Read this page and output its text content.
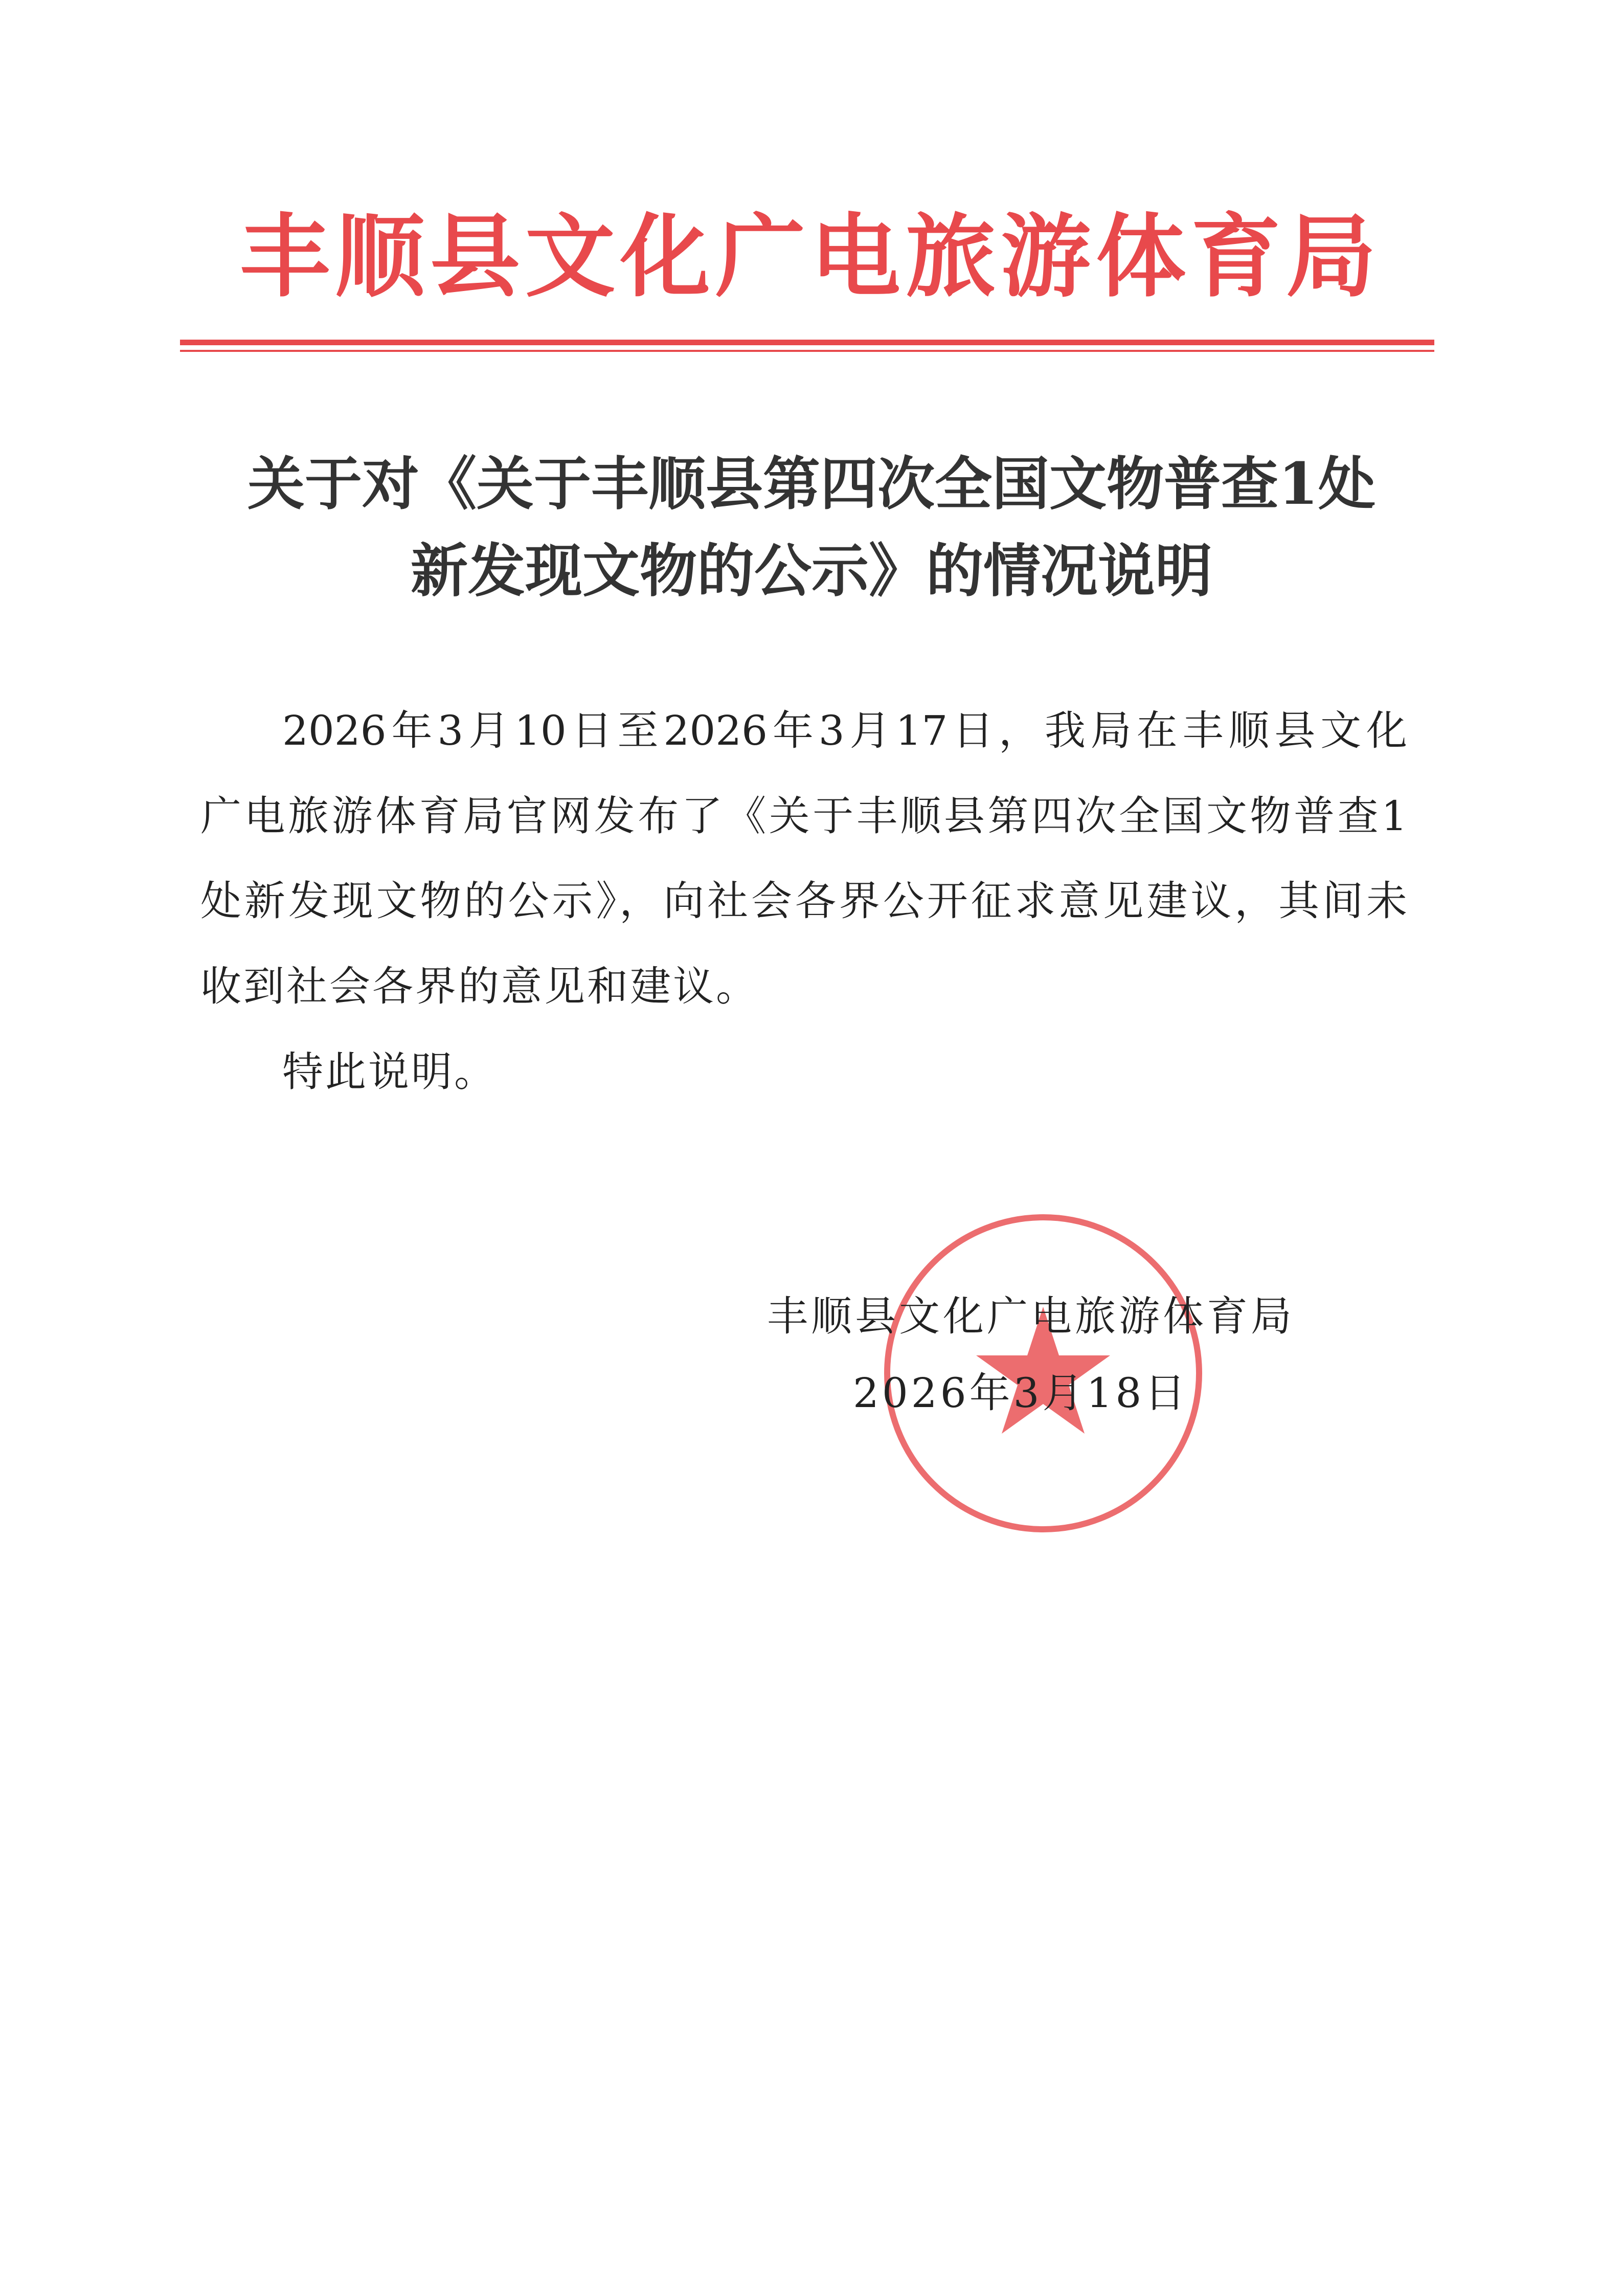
丰顺县文化广电旅游体育局
关于对《关于丰顺县第四次全国文物普查1处
新发现文物的公示》的情况说明
2026年3月10日至2026年3月17日，我局在丰顺县文化
广电旅游体育局官网发布了《关于丰顺县第四次全国文物普查1
处新发现文物的公示》，向社会各界公开征求意见建议，其间未
收到社会各界的意见和建议。
特此说明。
丰顺县文化广电旅游体育局
2026年3月18日
